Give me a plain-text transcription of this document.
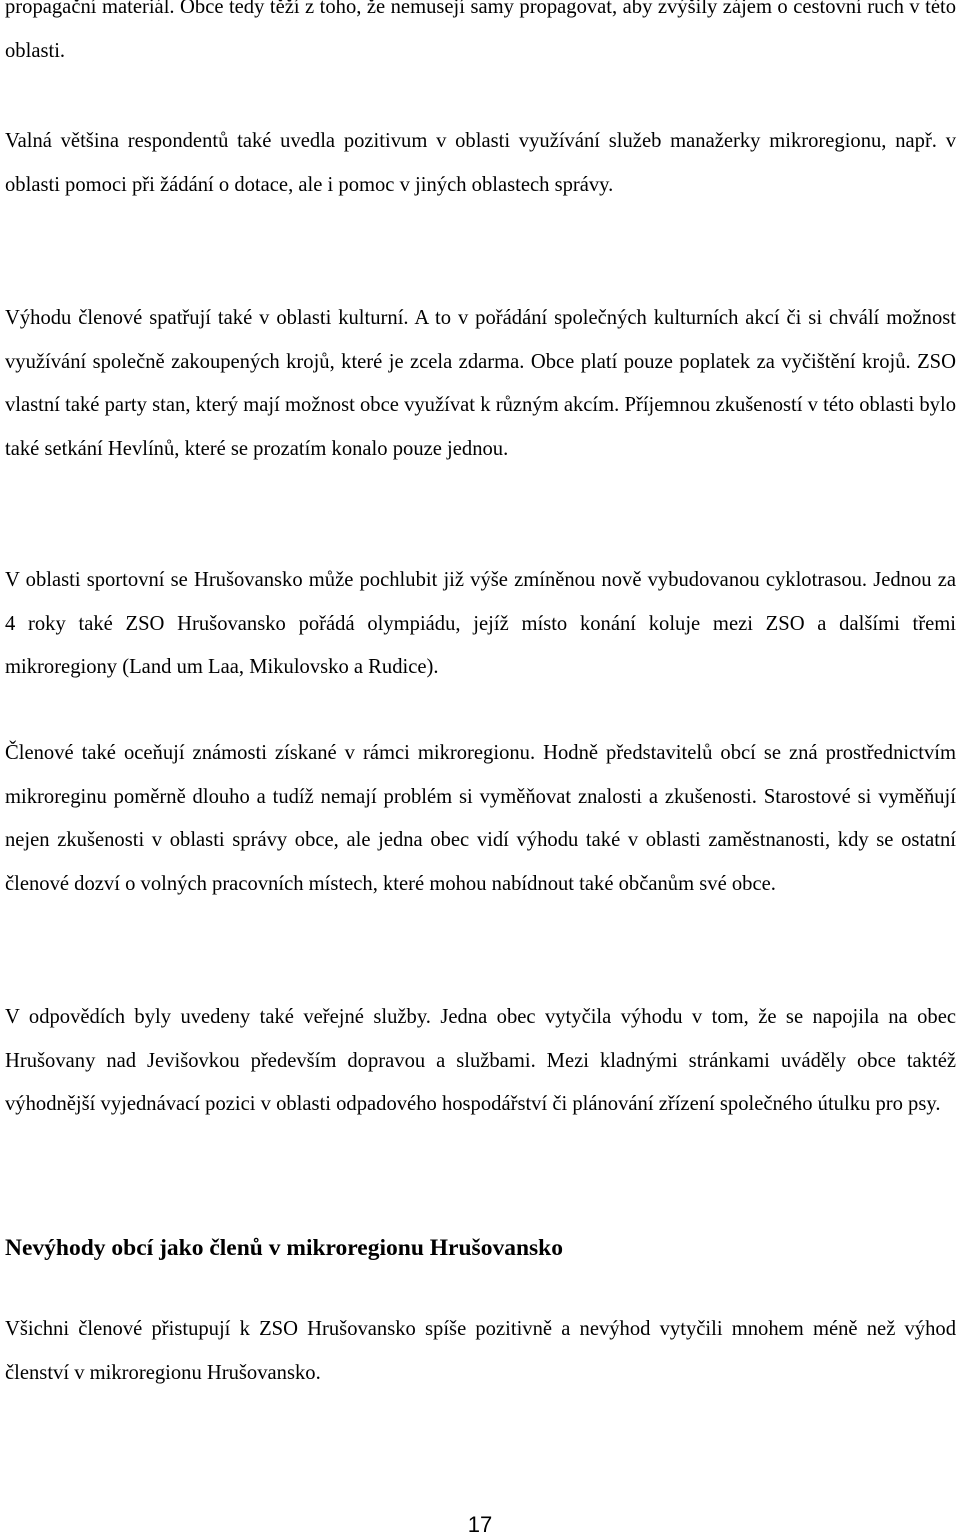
propagační materiál. Obce tedy těží z toho, že nemusejí samy propagovat, aby zvýšily zájem o cestovní ruch v této oblasti.

Valná většina respondentů také uvedla pozitivum v oblasti využívání služeb manažerky mikroregionu, např. v oblasti pomoci při žádání o dotace, ale i pomoc v jiných oblastech správy.

Výhodu členové spatřují také v oblasti kulturní. A to v pořádání společných kulturních akcí či si chválí možnost využívání společně zakoupených krojů, které je zcela zdarma. Obce platí pouze poplatek za vyčištění krojů. ZSO vlastní také party stan, který mají možnost obce využívat k různým akcím. Příjemnou zkušeností v této oblasti bylo také setkání Hevlínů, které se prozatím konalo pouze jednou.

V oblasti sportovní se Hrušovansko může pochlubit již výše zmíněnou nově vybudovanou cyklotrasou. Jednou za 4 roky také ZSO Hrušovansko pořádá olympiádu, jejíž místo konání koluje mezi ZSO a dalšími třemi mikroregiony (Land um Laa, Mikulovsko a Rudice).

Členové také oceňují známosti získané v rámci mikroregionu. Hodně představitelů obcí se zná prostřednictvím mikroreginu poměrně dlouho a tudíž nemají problém si vyměňovat znalosti a zkušenosti. Starostové si vyměňují nejen zkušenosti v oblasti správy obce, ale jedna obec vidí výhodu také v oblasti zaměstnanosti, kdy se ostatní členové dozví o volných pracovních místech, které mohou nabídnout také občanům své obce.

V odpovědích byly uvedeny také veřejné služby. Jedna obec vytyčila výhodu v tom, že se napojila na obec Hrušovany nad Jevišovkou především dopravou a službami. Mezi kladnými stránkami uváděly obce taktéž výhodnější vyjednávací pozici v oblasti odpadového hospodářství či plánování zřízení společného útulku pro psy.

Nevýhody obcí jako členů v mikroregionu Hrušovansko

Všichni členové přistupují k ZSO Hrušovansko spíše pozitivně a nevýhod vytyčili mnohem méně než výhod členství v mikroregionu Hrušovansko.

17
